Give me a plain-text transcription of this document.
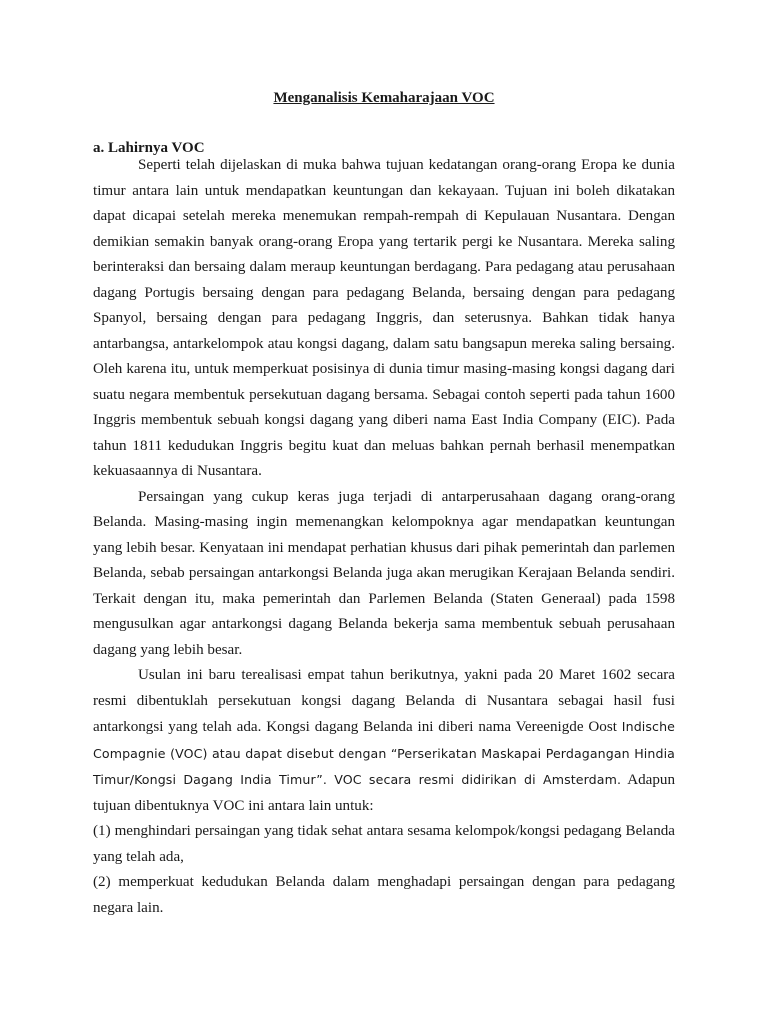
Menganalisis Kemaharajaan VOC
a. Lahirnya VOC

Seperti telah dijelaskan di muka bahwa tujuan kedatangan orang-orang Eropa ke dunia timur antara lain untuk mendapatkan keuntungan dan kekayaan. Tujuan ini boleh dikatakan dapat dicapai setelah mereka menemukan rempah-rempah di Kepulauan Nusantara. Dengan demikian semakin banyak orang-orang Eropa yang tertarik pergi ke Nusantara. Mereka saling berinteraksi dan bersaing dalam meraup keuntungan berdagang. Para pedagang atau perusahaan dagang Portugis bersaing dengan para pedagang Belanda, bersaing dengan para pedagang Spanyol, bersaing dengan para pedagang Inggris, dan seterusnya. Bahkan tidak hanya antarbangsa, antarkelompok atau kongsi dagang, dalam satu bangsapun mereka saling bersaing. Oleh karena itu, untuk memperkuat posisinya di dunia timur masing-masing kongsi dagang dari suatu negara membentuk persekutuan dagang bersama. Sebagai contoh seperti pada tahun 1600 Inggris membentuk sebuah kongsi dagang yang diberi nama East India Company (EIC). Pada tahun 1811 kedudukan Inggris begitu kuat dan meluas bahkan pernah berhasil menempatkan kekuasaannya di Nusantara.

Persaingan yang cukup keras juga terjadi di antarperusahaan dagang orang-orang Belanda. Masing-masing ingin memenangkan kelompoknya agar mendapatkan keuntungan yang lebih besar. Kenyataan ini mendapat perhatian khusus dari pihak pemerintah dan parlemen Belanda, sebab persaingan antarkongsi Belanda juga akan merugikan Kerajaan Belanda sendiri. Terkait dengan itu, maka pemerintah dan Parlemen Belanda (Staten Generaal) pada 1598 mengusulkan agar antarkongsi dagang Belanda bekerja sama membentuk sebuah perusahaan dagang yang lebih besar.

Usulan ini baru terealisasi empat tahun berikutnya, yakni pada 20 Maret 1602 secara resmi dibentuklah persekutuan kongsi dagang Belanda di Nusantara sebagai hasil fusi antarkongsi yang telah ada. Kongsi dagang Belanda ini diberi nama Vereenigde Oost Indische Compagnie (VOC) atau dapat disebut dengan “Perserikatan Maskapai Perdagangan Hindia Timur/Kongsi Dagang India Timur”. VOC secara resmi didirikan di Amsterdam. Adapun tujuan dibentuknya VOC ini antara lain untuk:

(1) menghindari persaingan yang tidak sehat antara sesama kelompok/kongsi pedagang Belanda yang telah ada,

(2) memperkuat kedudukan Belanda dalam menghadapi persaingan dengan para pedagang negara lain.
